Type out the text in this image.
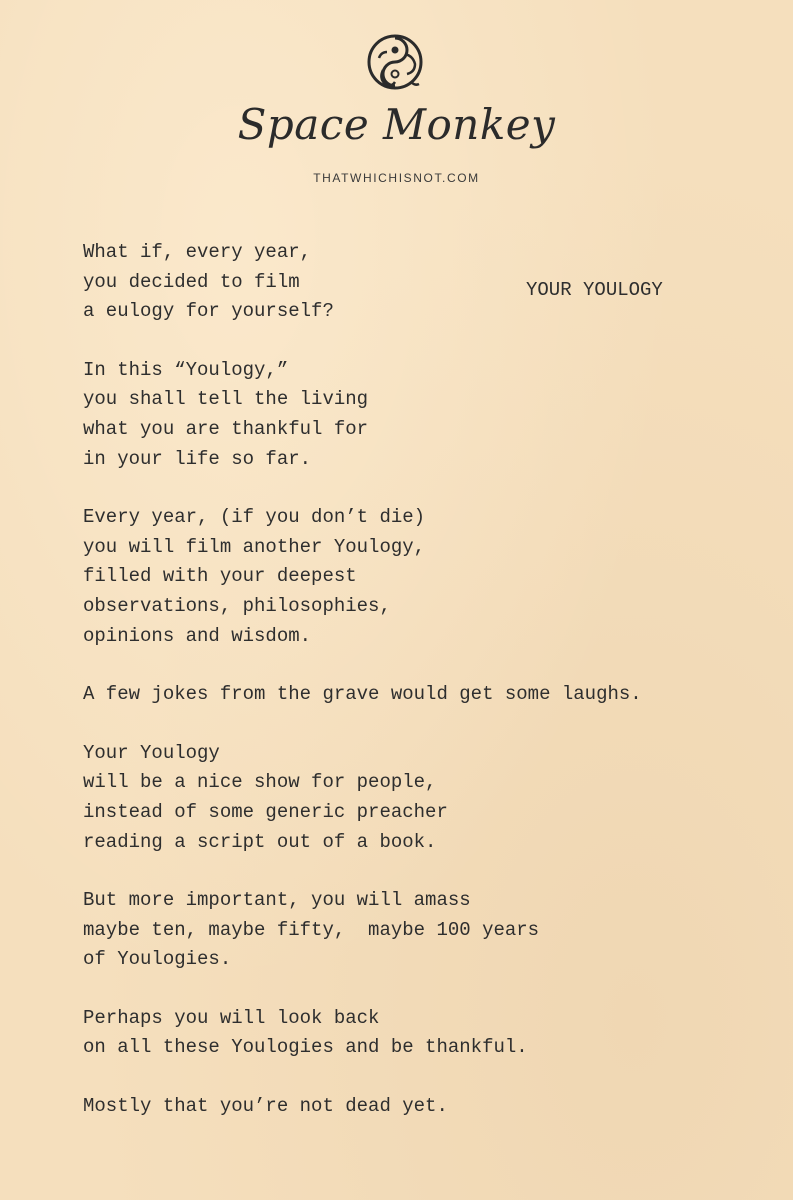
Space Monkey
THATWHICHISNOT.COM
YOUR YOULOGY
What if, every year,
you decided to film
a eulogy for yourself?
In this “Youlogy,”
you shall tell the living
what you are thankful for
in your life so far.
Every year, (if you don’t die)
you will film another Youlogy,
filled with your deepest
observations, philosophies,
opinions and wisdom.
A few jokes from the grave would get some laughs.
Your Youlogy
will be a nice show for people,
instead of some generic preacher
reading a script out of a book.
But more important, you will amass
maybe ten, maybe fifty,  maybe 100 years
of Youlogies.
Perhaps you will look back
on all these Youlogies and be thankful.
Mostly that you’re not dead yet.
